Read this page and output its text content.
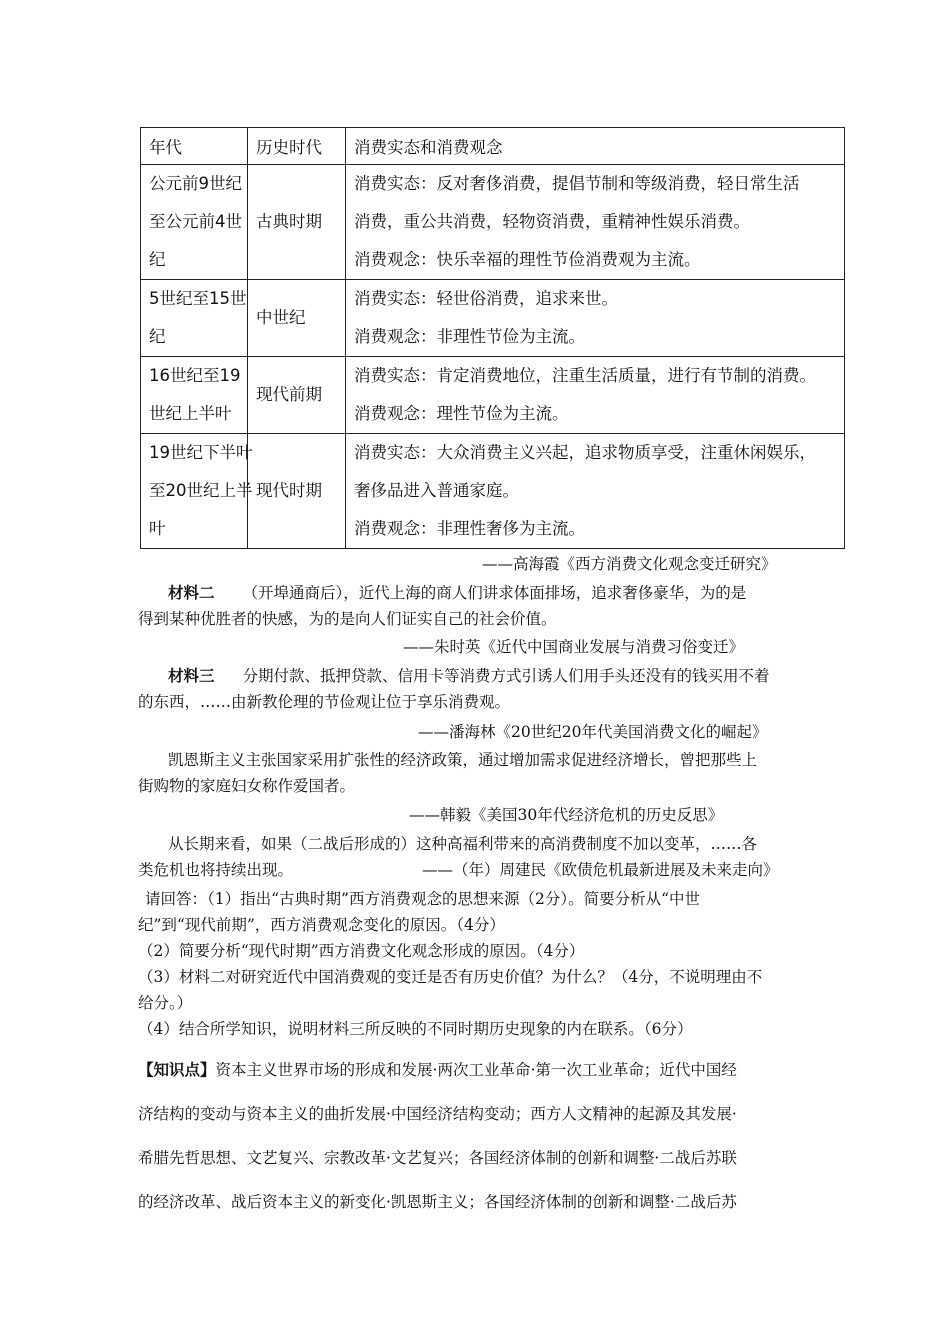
年代	历史时代	消费实态和消费观念

公元前9世纪
至公元前4世
纪	古典时期	消费实态：反对奢侈消费，提倡节制和等级消费，轻日常生活
消费，重公共消费，轻物资消费，重精神性娱乐消费。
消费观念：快乐幸福的理性节俭消费观为主流。

5世纪至15世
纪	中世纪	消费实态：轻世俗消费，追求来世。
消费观念：非理性节俭为主流。

16世纪至19
世纪上半叶	现代前期	消费实态：肯定消费地位，注重生活质量，进行有节制的消费。
消费观念：理性节俭为主流。

19世纪下半叶
至20世纪上半
叶	现代时期	消费实态：大众消费主义兴起，追求物质享受，注重休闲娱乐，
奢侈品进入普通家庭。
消费观念：非理性奢侈为主流。
——高海霞《西方消费文化观念变迁研究》
材料二 （开埠通商后），近代上海的商人们讲求体面排场，追求奢侈豪华，为的是
得到某种优胜者的快感，为的是向人们证实自己的社会价值。
——朱时英《近代中国商业发展与消费习俗变迁》
材料三 分期付款、抵押贷款、信用卡等消费方式引诱人们用手头还没有的钱买用不着
的东西，……由新教伦理的节俭观让位于享乐消费观。
——潘海林《20世纪20年代美国消费文化的崛起》
凯恩斯主义主张国家采用扩张性的经济政策，通过增加需求促进经济增长，曾把那些上
街购物的家庭妇女称作爱国者。
——韩毅《美国30年代经济危机的历史反思》
从长期来看，如果（二战后形成的）这种高福利带来的高消费制度不加以变革，……各
类危机也将持续出现。	——（年）周建民《欧债危机最新进展及未来走向》
请回答：（1）指出“古典时期”西方消费观念的思想来源（2分）。简要分析从“中世
纪”到“现代前期”，西方消费观念变化的原因。（4分）
（2）简要分析“现代时期”西方消费文化观念形成的原因。（4分）
（3）材料二对研究近代中国消费观的变迁是否有历史价值？为什么？（4分，不说明理由不
给分。）
（4）结合所学知识，说明材料三所反映的不同时期历史现象的内在联系。（6分）
【知识点】资本主义世界市场的形成和发展·两次工业革命·第一次工业革命；近代中国经
济结构的变动与资本主义的曲折发展·中国经济结构变动；西方人文精神的起源及其发展·
希腊先哲思想、文艺复兴、宗教改革·文艺复兴；各国经济体制的创新和调整·二战后苏联
的经济改革、战后资本主义的新变化·凯恩斯主义；各国经济体制的创新和调整·二战后苏
